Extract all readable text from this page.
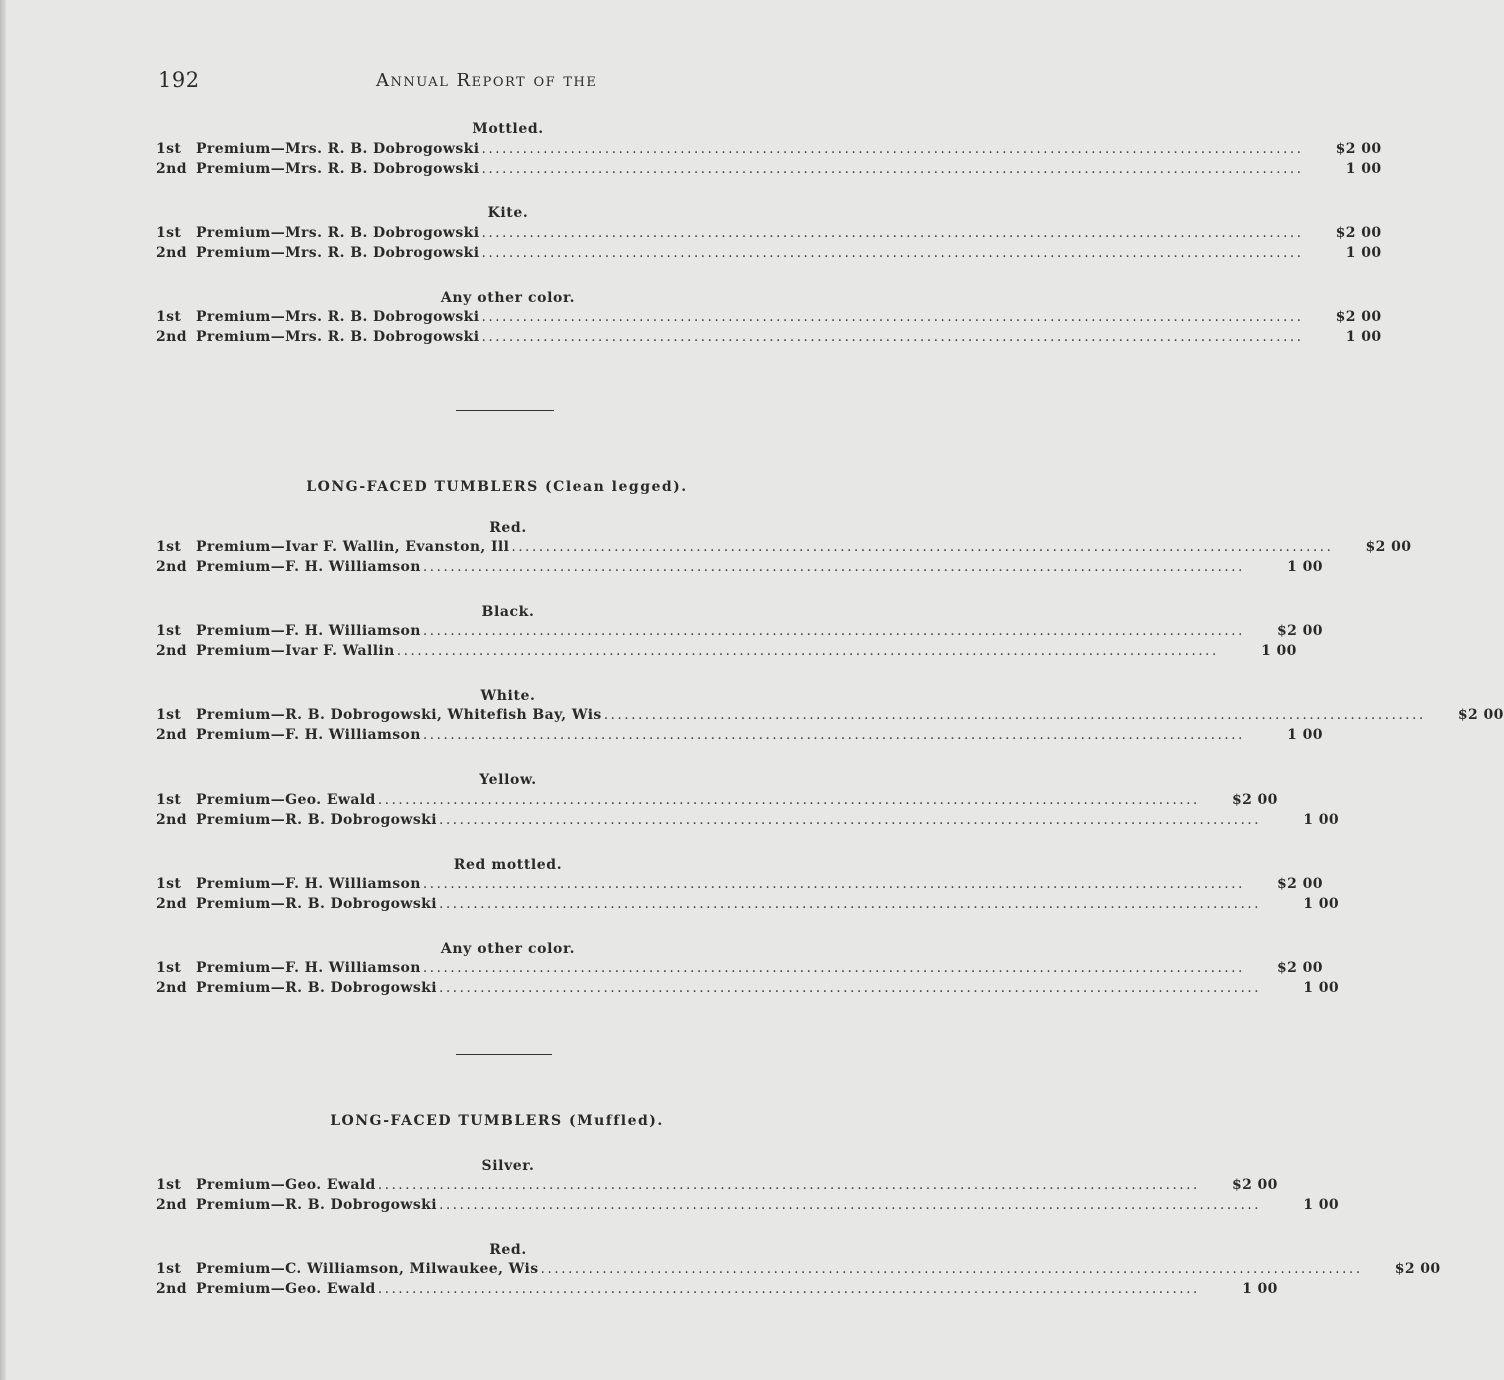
192	Annual Report of the
Mottled.
1st	Premium—Mrs. R. B. Dobrogowski ........................................................................................................................	$2 00
2nd Premium—Mrs. R. B. Dobrogowski ........................................................................................................................	1 00
Kite.
1st	Premium—Mrs. R. B. Dobrogowski ........................................................................................................................	$2 00
2nd Premium—Mrs. R. B. Dobrogowski ........................................................................................................................	1 00
Any other color.
1st	Premium—Mrs. R. B. Dobrogowski ........................................................................................................................	$2 00
2nd Premium—Mrs. R. B. Dobrogowski ........................................................................................................................	1 00
LONG-FACED TUMBLERS (Clean legged).
Red.
1st	Premium—Ivar F. Wallin, Evanston, Ill ........................................................................................................................	$2 00
2nd Premium—F. H. Williamson ........................................................................................................................	1 00
Black.
1st	Premium—F. H. Williamson ........................................................................................................................	$2 00
2nd Premium—Ivar F. Wallin ........................................................................................................................	1 00
White.
1st	Premium—R. B. Dobrogowski, Whitefish Bay, Wis ........................................................................................................................	$2 00
2nd Premium—F. H. Williamson ........................................................................................................................	1 00
Yellow.
1st	Premium—Geo. Ewald ........................................................................................................................	$2 00
2nd Premium—R. B. Dobrogowski ........................................................................................................................	1 00
Red mottled.
1st	Premium—F. H. Williamson ........................................................................................................................	$2 00
2nd Premium—R. B. Dobrogowski ........................................................................................................................	1 00
Any other color.
1st	Premium—F. H. Williamson ........................................................................................................................	$2 00
2nd Premium—R. B. Dobrogowski ........................................................................................................................	1 00
LONG-FACED TUMBLERS (Muffled).
Silver.
1st	Premium—Geo. Ewald ........................................................................................................................	$2 00
2nd Premium—R. B. Dobrogowski ........................................................................................................................	1 00
Red.
1st	Premium—C. Williamson, Milwaukee, Wis ........................................................................................................................	$2 00
2nd Premium—Geo. Ewald ........................................................................................................................	1 00
